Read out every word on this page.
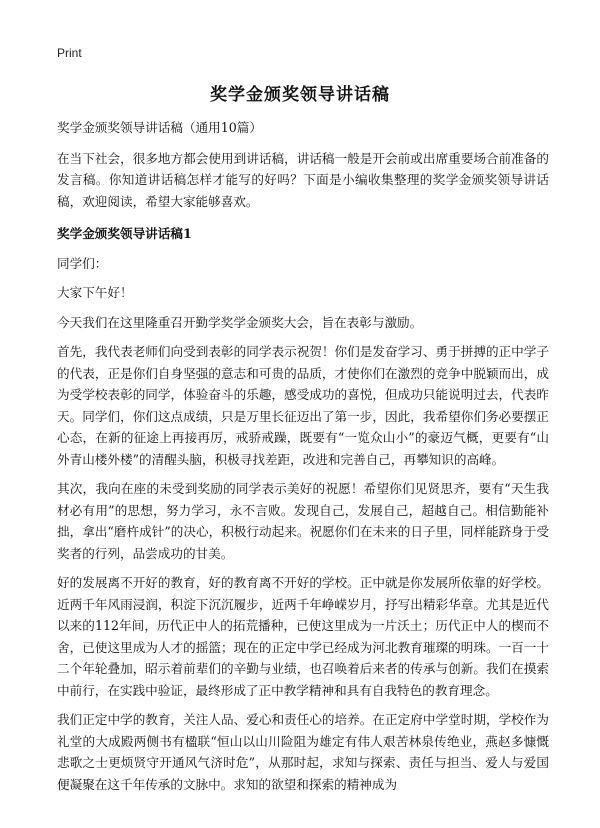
Print
奖学金颁奖领导讲话稿

奖学金颁奖领导讲话稿（通用10篇）

在当下社会，很多地方都会使用到讲话稿，讲话稿一般是开会前或出席重要场合前准备的发言稿。你知道讲话稿怎样才能写的好吗？下面是小编收集整理的奖学金颁奖领导讲话稿，欢迎阅读，希望大家能够喜欢。

奖学金颁奖领导讲话稿1

同学们：

大家下午好！

今天我们在这里隆重召开勤学奖学金颁奖大会，旨在表彰与激励。

首先，我代表老师们向受到表彰的同学表示祝贺！你们是发奋学习、勇于拼搏的正中学子的代表，正是你们自身坚强的意志和可贵的品质，才使你们在激烈的竞争中脱颖而出，成为受学校表彰的同学，体验奋斗的乐趣，感受成功的喜悦，但成功只能说明过去，代表昨天。同学们，你们这点成绩，只是万里长征迈出了第一步，因此，我希望你们务必要摆正心态，在新的征途上再接再厉，戒骄戒躁，既要有“一览众山小”的豪迈气概，更要有“山外青山楼外楼”的清醒头脑，积极寻找差距，改进和完善自己，再攀知识的高峰。

其次，我向在座的未受到奖励的同学表示美好的祝愿！希望你们见贤思齐，要有“天生我材必有用”的思想，努力学习，永不言败。发现自己，发展自己，超越自己。相信勤能补拙，拿出“磨杵成针”的决心，积极行动起来。祝愿你们在未来的日子里，同样能跻身于受奖者的行列，品尝成功的甘美。

好的发展离不开好的教育，好的教育离不开好的学校。正中就是你发展所依靠的好学校。近两千年风雨浸润，积淀下沉沉履步，近两千年峥嵘岁月，抒写出精彩华章。尤其是近代以来的112年间，历代正中人的拓荒播种，已使这里成为一片沃土；历代正中人的楔而不舍，已使这里成为人才的摇篮；现在的正定中学已经成为河北教育璀璨的明珠。一百一十二个年轮叠加，昭示着前辈们的辛勤与业绩，也召唤着后来者的传承与创新。我们在摸索中前行，在实践中验证，最终形成了正中教学精神和具有自我特色的教育理念。

我们正定中学的教育，关注人品、爱心和责任心的培养。在正定府中学堂时期，学校作为礼堂的大成殿两侧书有楹联“恒山以山川险阻为雄定有伟人艰苦林泉传绝业，燕赵多慷慨悲歌之士更烦贤守开通风气济时危”，从那时起，求知与探索、责任与担当、爱人与爱国便凝聚在这千年传承的文脉中。求知的欲望和探索的精神成为
